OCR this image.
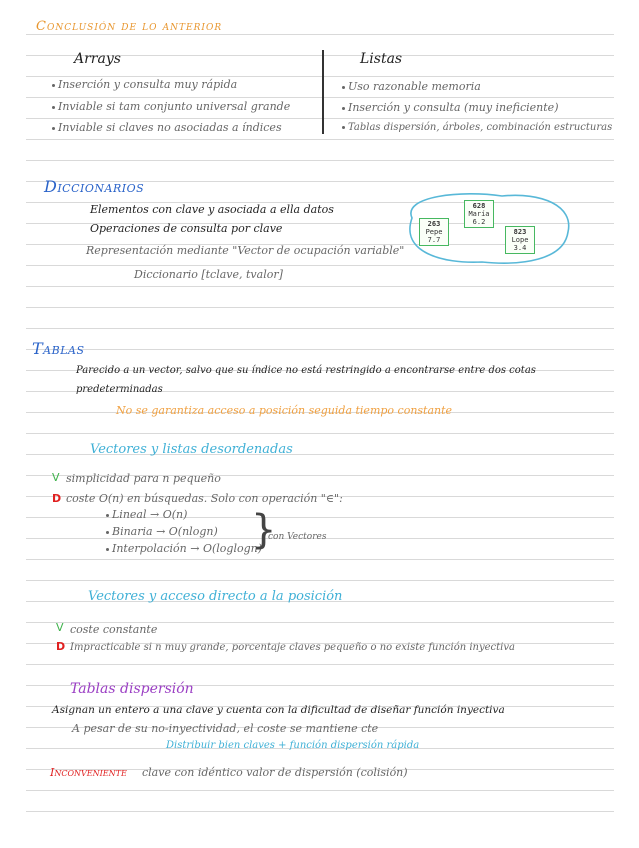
Conclusión de lo anterior
Arrays	Listas
Inserción y consulta muy rápida
Inviable si tam conjunto universal grande
Inviable si claves no asociadas a índices
Uso razonable memoria
Inserción y consulta (muy ineficiente)
Tablas dispersión, árboles, combinación estructuras
Diccionarios
Elementos con clave y asociada a ella datos
Operaciones de consulta por clave
Representación mediante "Vector de ocupación variable"
Diccionario [tclave, tvalor]
628
María
6.2
263
Pepe
7.7
823
Lope
3.4
Tablas
Parecido a un vector, salvo que su índice no está restringido a encontrarse entre dos cotas
predeterminadas
No se garantiza acceso a posición seguida tiempo constante
Vectores y listas desordenadas
V simplicidad para n pequeño
D coste O(n) en búsquedas. Solo con operación "∈":
Lineal → O(n)
Binaria → O(nlogn)
Interpolación → O(loglogn)
}
con Vectores
Vectores y acceso directo a la posición
V coste constante
D Impracticable si n muy grande, porcentaje claves pequeño o no existe función inyectiva
Tablas dispersión
Asignan un entero a una clave y cuenta con la dificultad de diseñar función inyectiva
A pesar de su no-inyectividad, el coste se mantiene cte
Distribuir bien claves + función dispersión rápida
Inconveniente clave con idéntico valor de dispersión (colisión)
